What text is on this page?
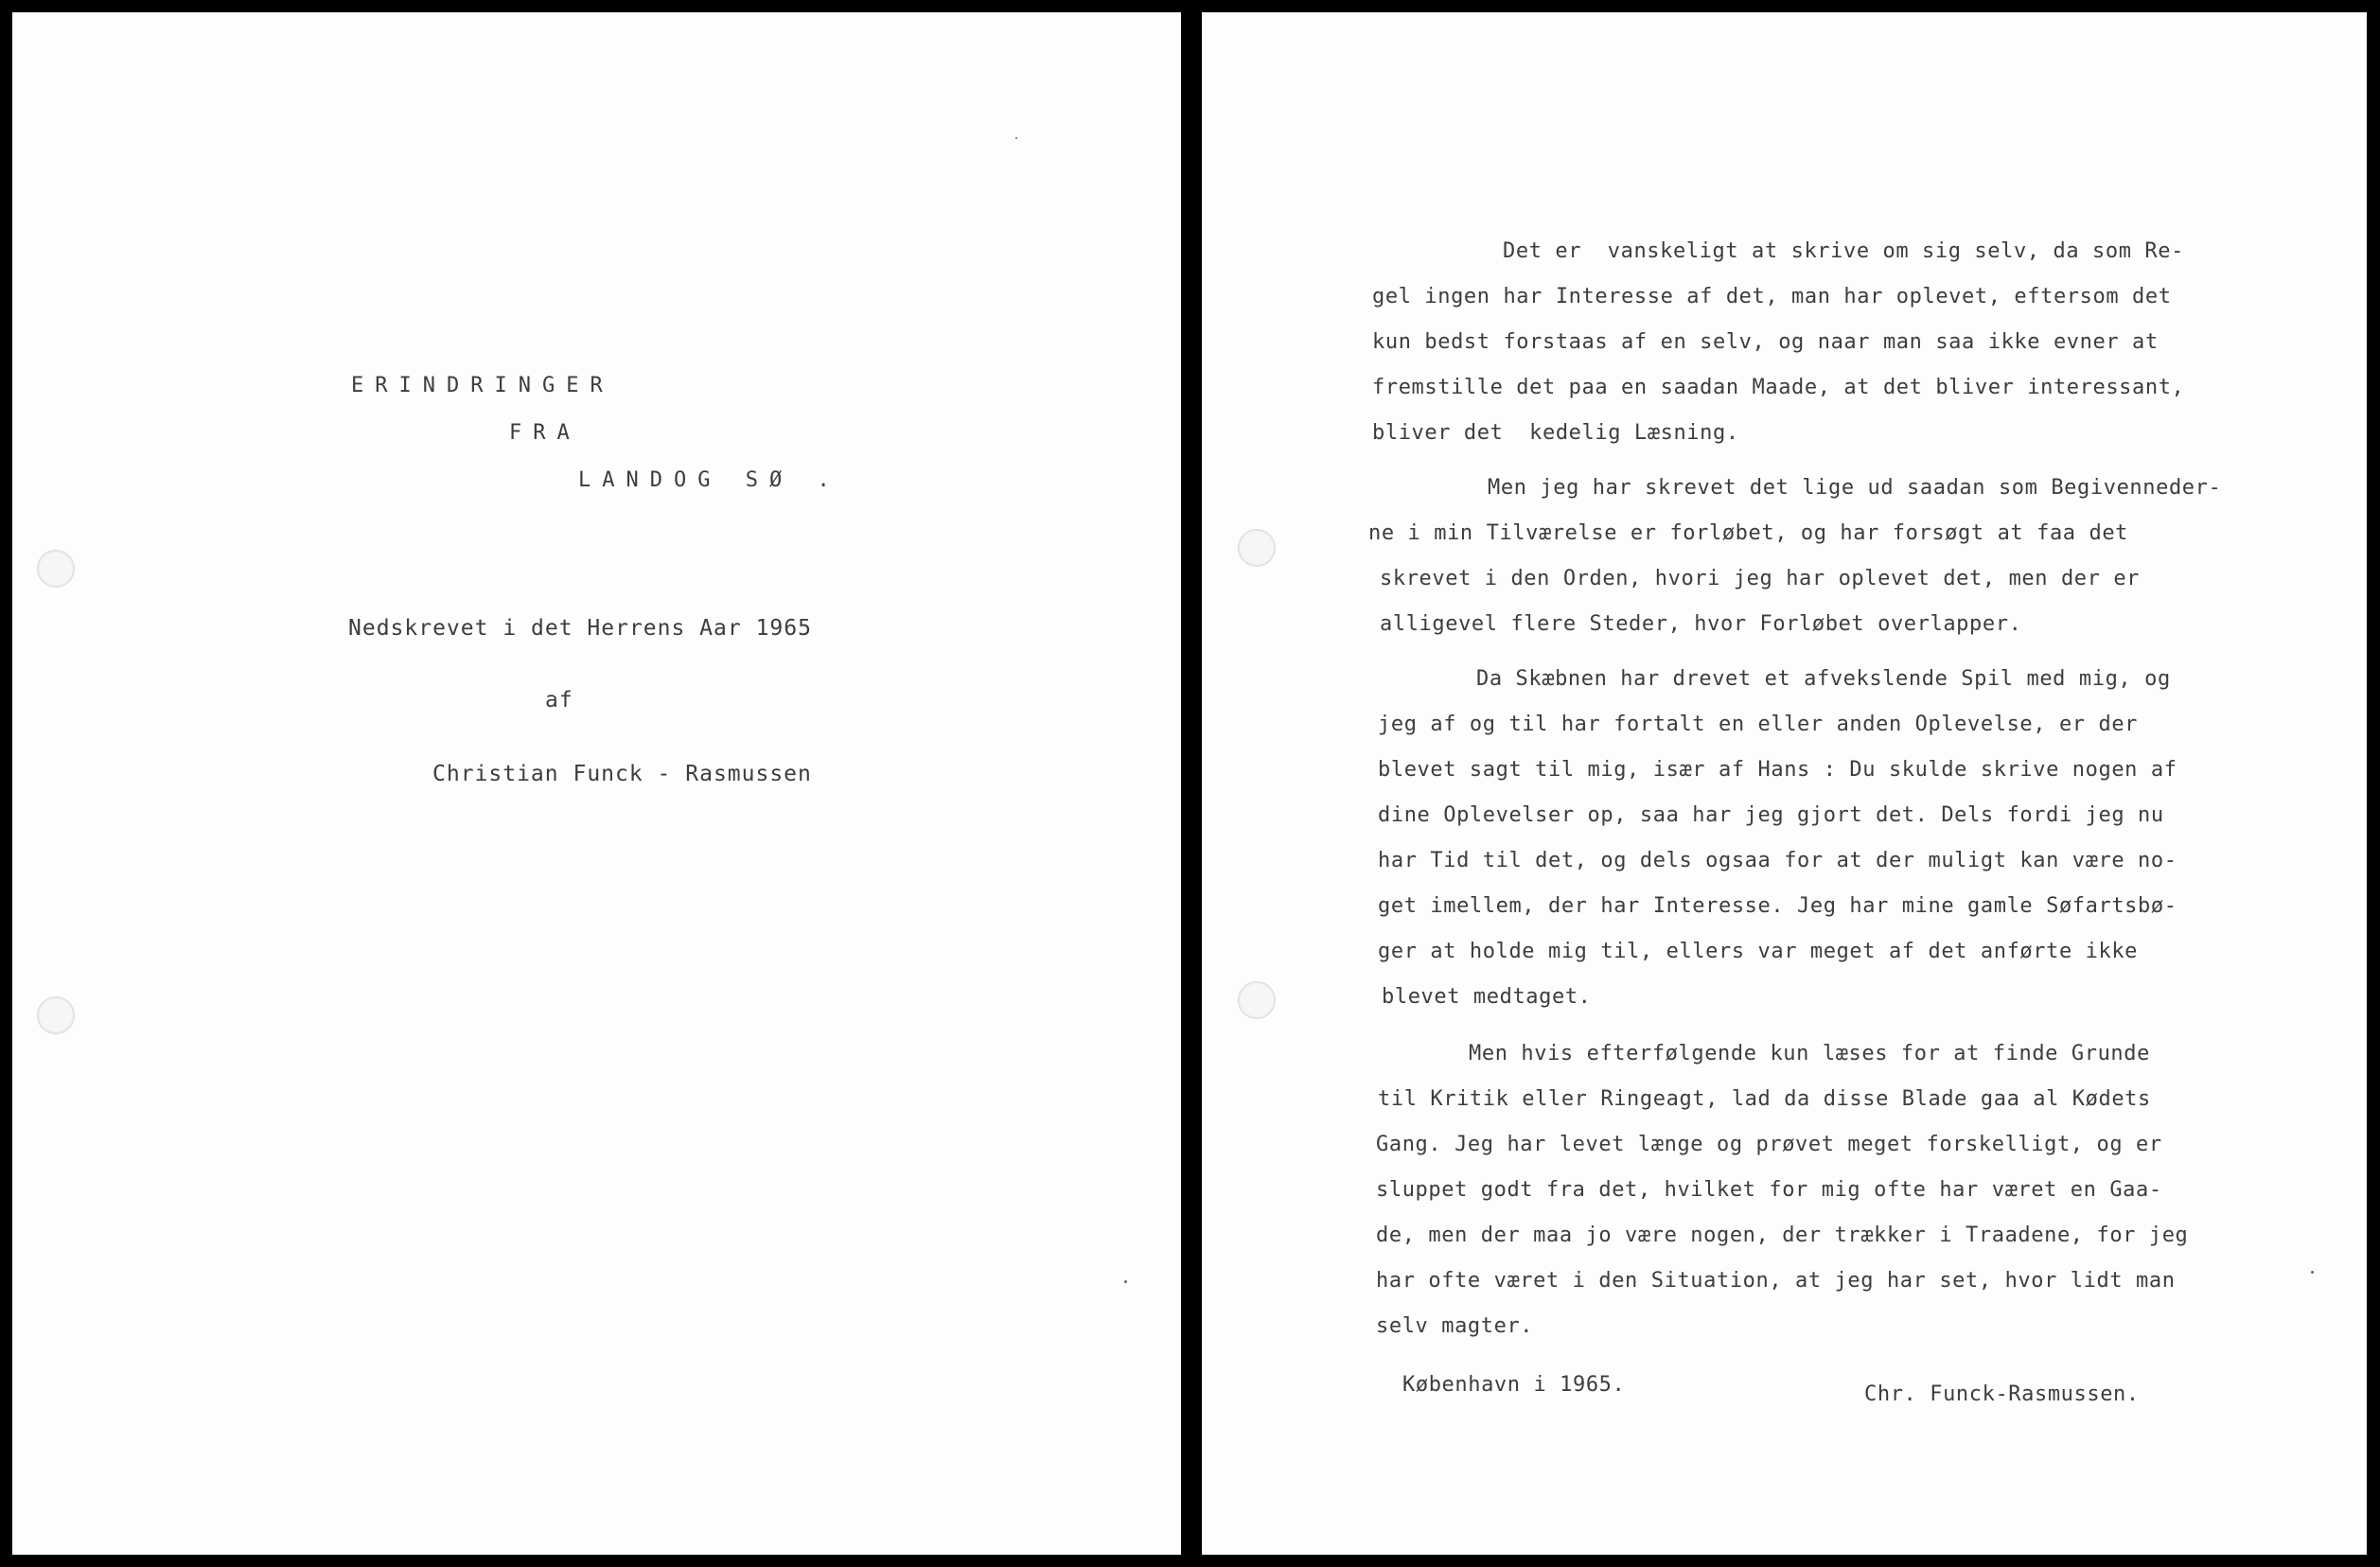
ERINDRINGER
FRA
LANDOG SØ .
Nedskrevet i det Herrens Aar 1965
af
Christian Funck - Rasmussen
Det er  vanskeligt at skrive om sig selv, da som Re-
gel ingen har Interesse af det, man har oplevet, eftersom det
kun bedst forstaas af en selv, og naar man saa ikke evner at
fremstille det paa en saadan Maade, at det bliver interessant,
bliver det  kedelig Læsning.
Men jeg har skrevet det lige ud saadan som Begivenneder-
ne i min Tilværelse er forløbet, og har forsøgt at faa det
skrevet i den Orden, hvori jeg har oplevet det, men der er
alligevel flere Steder, hvor Forløbet overlapper.
Da Skæbnen har drevet et afvekslende Spil med mig, og
jeg af og til har fortalt en eller anden Oplevelse, er der
blevet sagt til mig, især af Hans : Du skulde skrive nogen af
dine Oplevelser op, saa har jeg gjort det. Dels fordi jeg nu
har Tid til det, og dels ogsaa for at der muligt kan være no-
get imellem, der har Interesse. Jeg har mine gamle Søfartsbø-
ger at holde mig til, ellers var meget af det anførte ikke
blevet medtaget.
Men hvis efterfølgende kun læses for at finde Grunde
til Kritik eller Ringeagt, lad da disse Blade gaa al Kødets
Gang. Jeg har levet længe og prøvet meget forskelligt, og er
sluppet godt fra det, hvilket for mig ofte har været en Gaa-
de, men der maa jo være nogen, der trækker i Traadene, for jeg
har ofte været i den Situation, at jeg har set, hvor lidt man
selv magter.
København i 1965.	Chr. Funck-Rasmussen.
